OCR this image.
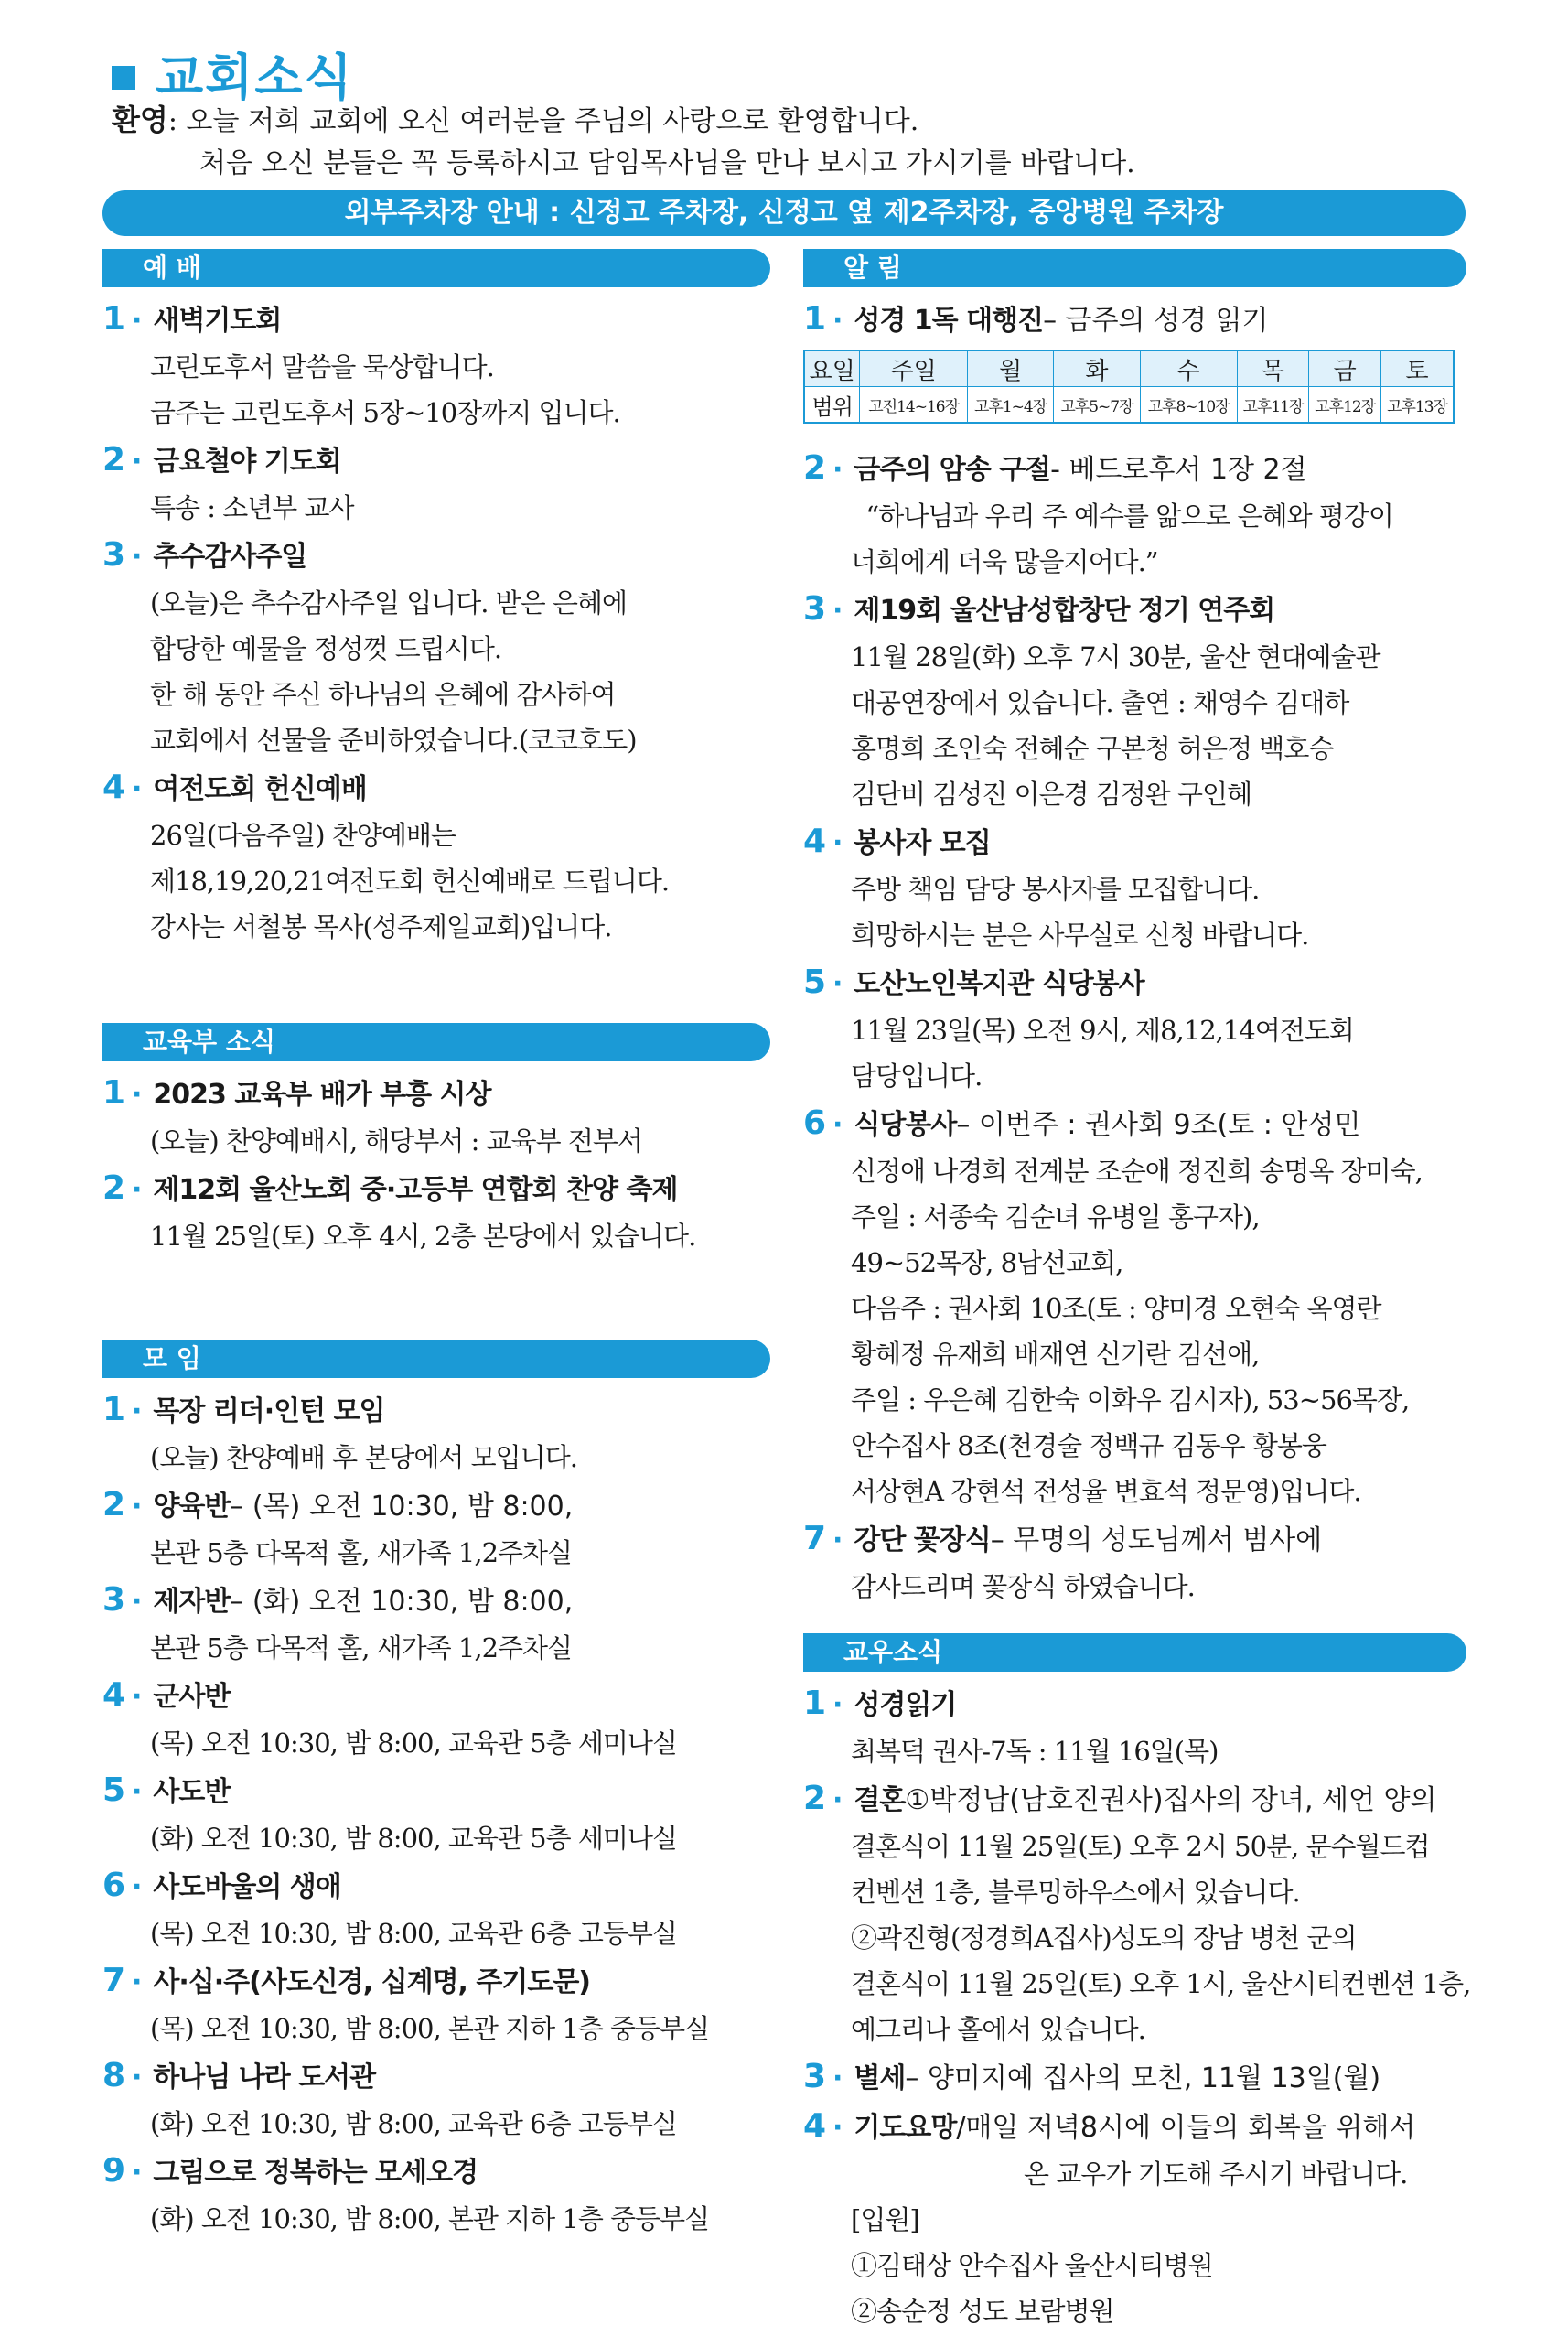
교회소식
환영: 오늘 저희 교회에 오신 여러분을 주님의 사랑으로 환영합니다.
처음 오신 분들은 꼭 등록하시고 담임목사님을 만나 보시고 가시기를 바랍니다.
외부주차장 안내 : 신정고 주차장, 신정고 옆 제2주차장, 중앙병원 주차장
예 배
1 · 새벽기도회
고린도후서 말씀을 묵상합니다.
금주는 고린도후서 5장~10장까지 입니다.
2 · 금요철야 기도회
특송 : 소년부 교사
3 · 추수감사주일
(오늘)은 추수감사주일 입니다. 받은 은혜에
합당한 예물을 정성껏 드립시다.
한 해 동안 주신 하나님의 은혜에 감사하여
교회에서 선물을 준비하였습니다.(코코호도)
4 · 여전도회 헌신예배
26일(다음주일) 찬양예배는
제18,19,20,21여전도회 헌신예배로 드립니다.
강사는 서철봉 목사(성주제일교회)입니다.
교육부 소식
1 · 2023 교육부 배가 부흥 시상
(오늘) 찬양예배시, 해당부서 : 교육부 전부서
2 · 제12회 울산노회 중·고등부 연합회 찬양 축제
11월 25일(토) 오후 4시, 2층 본당에서 있습니다.
모 임
1 · 목장 리더·인턴 모임
(오늘) 찬양예배 후 본당에서 모입니다.
2 · 양육반 – (목) 오전 10:30, 밤 8:00,
본관 5층 다목적 홀, 새가족 1,2주차실
3 · 제자반 – (화) 오전 10:30, 밤 8:00,
본관 5층 다목적 홀, 새가족 1,2주차실
4 · 군사반
(목) 오전 10:30, 밤 8:00, 교육관 5층 세미나실
5 · 사도반
(화) 오전 10:30, 밤 8:00, 교육관 5층 세미나실
6 · 사도바울의 생애
(목) 오전 10:30, 밤 8:00, 교육관 6층 고등부실
7 · 사·십·주(사도신경, 십계명, 주기도문)
(목) 오전 10:30, 밤 8:00, 본관 지하 1층 중등부실
8 · 하나님 나라 도서관
(화) 오전 10:30, 밤 8:00, 교육관 6층 고등부실
9 · 그림으로 정복하는 모세오경
(화) 오전 10:30, 밤 8:00, 본관 지하 1층 중등부실
알 림
1 · 성경 1독 대행진 – 금주의 성경 읽기
요일	주일	월	화	수	목	금	토
범위	고전14~16장	고후1~4장	고후5~7장	고후8~10장	고후11장	고후12장	고후13장
2 · 금주의 암송 구절 - 베드로후서 1장 2절
“하나님과 우리 주 예수를 앎으로 은혜와 평강이
너희에게 더욱 많을지어다.”
3 · 제19회 울산남성합창단 정기 연주회
11월 28일(화) 오후 7시 30분, 울산 현대예술관
대공연장에서 있습니다. 출연 : 채영수 김대하
홍명희 조인숙 전혜순 구본청 허은정 백호승
김단비 김성진 이은경 김정완 구인혜
4 · 봉사자 모집
주방 책임 담당 봉사자를 모집합니다.
희망하시는 분은 사무실로 신청 바랍니다.
5 · 도산노인복지관 식당봉사
11월 23일(목) 오전 9시, 제8,12,14여전도회
담당입니다.
6 · 식당봉사 – 이번주 : 권사회 9조(토 : 안성민
신정애 나경희 전계분 조순애 정진희 송명옥 장미숙,
주일 : 서종숙 김순녀 유병일 홍구자),
49~52목장, 8남선교회,
다음주 : 권사회 10조(토 : 양미경 오현숙 옥영란
황혜정 유재희 배재연 신기란 김선애,
주일 : 우은혜 김한숙 이화우 김시자), 53~56목장,
안수집사 8조(천경술 정백규 김동우 황봉웅
서상현A 강현석 전성율 변효석 정문영)입니다.
7 · 강단 꽃장식 – 무명의 성도님께서 범사에
감사드리며 꽃장식 하였습니다.
교우소식
1 · 성경읽기
최복덕 권사-7독 : 11월 16일(목)
2 · 결혼 ①박정남(남호진권사)집사의 장녀, 세언 양의
결혼식이 11월 25일(토) 오후 2시 50분, 문수월드컵
컨벤션 1층, 블루밍하우스에서 있습니다.
②곽진형(정경희A집사)성도의 장남 병천 군의
결혼식이 11월 25일(토) 오후 1시, 울산시티컨벤션 1층,
예그리나 홀에서 있습니다.
3 · 별세 – 양미지예 집사의 모친, 11월 13일(월)
4 · 기도요망 /매일 저녁8시에 이들의 회복을 위해서
온 교우가 기도해 주시기 바랍니다.
[입원]
①김태상 안수집사 울산시티병원
②송순정 성도 보람병원
